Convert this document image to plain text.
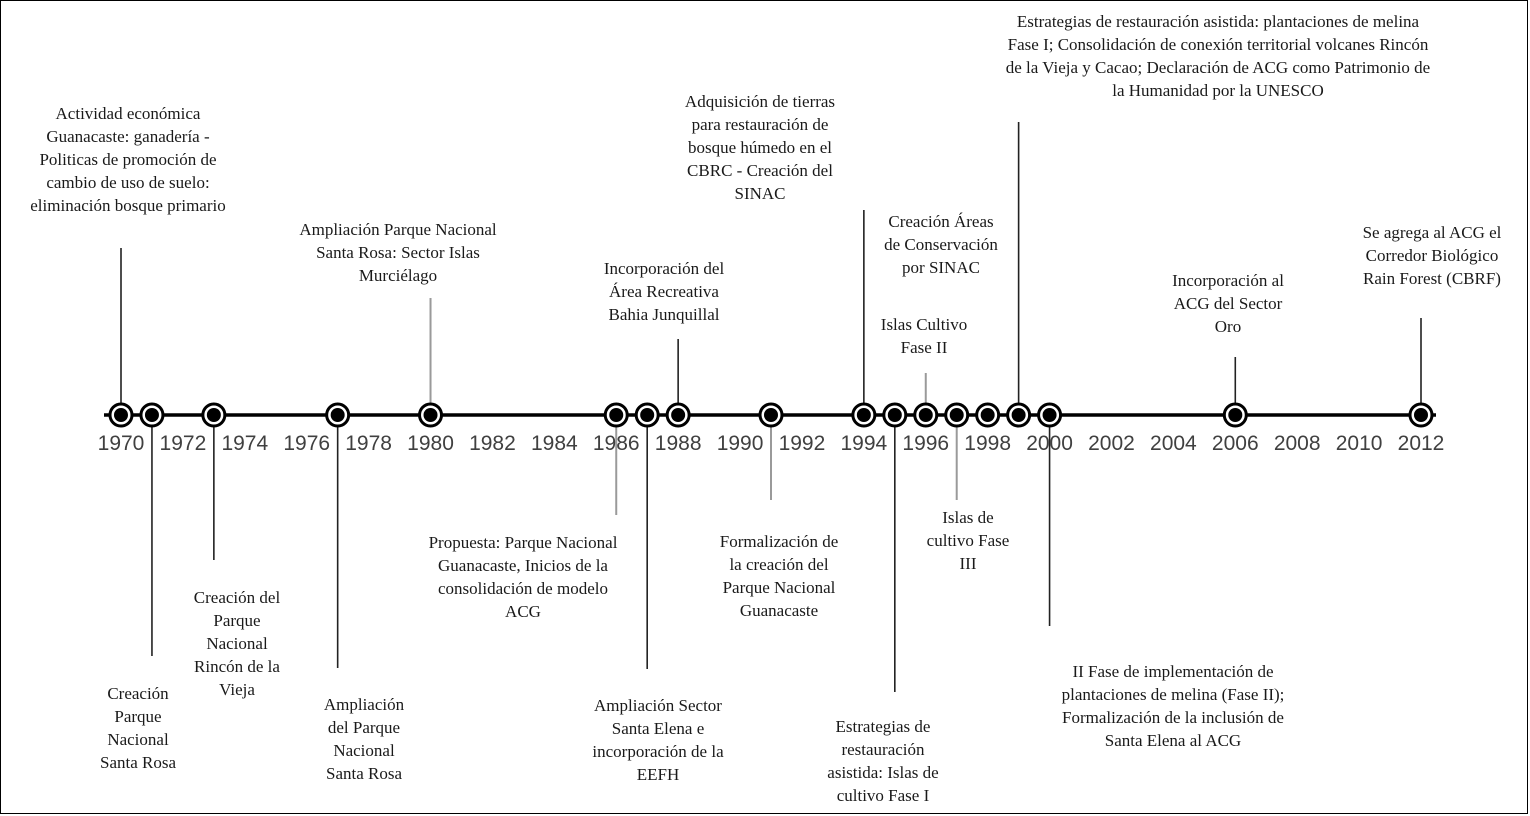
Actividad económica
Guanacaste: ganadería -
Politicas de promoción de
cambio de uso de suelo:
eliminación bosque primario
Creación
Parque
Nacional
Santa Rosa
Creación del
Parque
Nacional
Rincón de la
Vieja
Ampliación
del Parque
Nacional
Santa Rosa
Ampliación Parque Nacional
Santa Rosa: Sector Islas
Murciélago
Propuesta: Parque Nacional
Guanacaste, Inicios de la
consolidación de modelo
ACG
Ampliación Sector
Santa Elena e
incorporación de la
EEFH
Incorporación del
Área Recreativa
Bahia Junquillal
Adquisición de tierras
para restauración de
bosque húmedo en el
CBRC - Creación del
SINAC
Formalización de
la creación del
Parque Nacional
Guanacaste
Creación Áreas
de Conservación
por SINAC
Estrategias de
restauración
asistida: Islas de
cultivo Fase I
Islas Cultivo
Fase II
Islas de
cultivo Fase
III
Estrategias de restauración asistida: plantaciones de melina
Fase I; Consolidación de conexión territorial volcanes Rincón
de la Vieja y Cacao; Declaración de ACG como Patrimonio de
la Humanidad por la UNESCO
II Fase de implementación de
plantaciones de melina (Fase II);
Formalización de la inclusión de
Santa Elena al ACG
Incorporación al
ACG del Sector
Oro
Se agrega al ACG el
Corredor Biológico
Rain Forest (CBRF)
1970 1972 1974 1976 1978 1980 1982 1984 1986 1988 1990 1992 1994 1996 1998 2000 2002 2004 2006 2008 2010 2012
